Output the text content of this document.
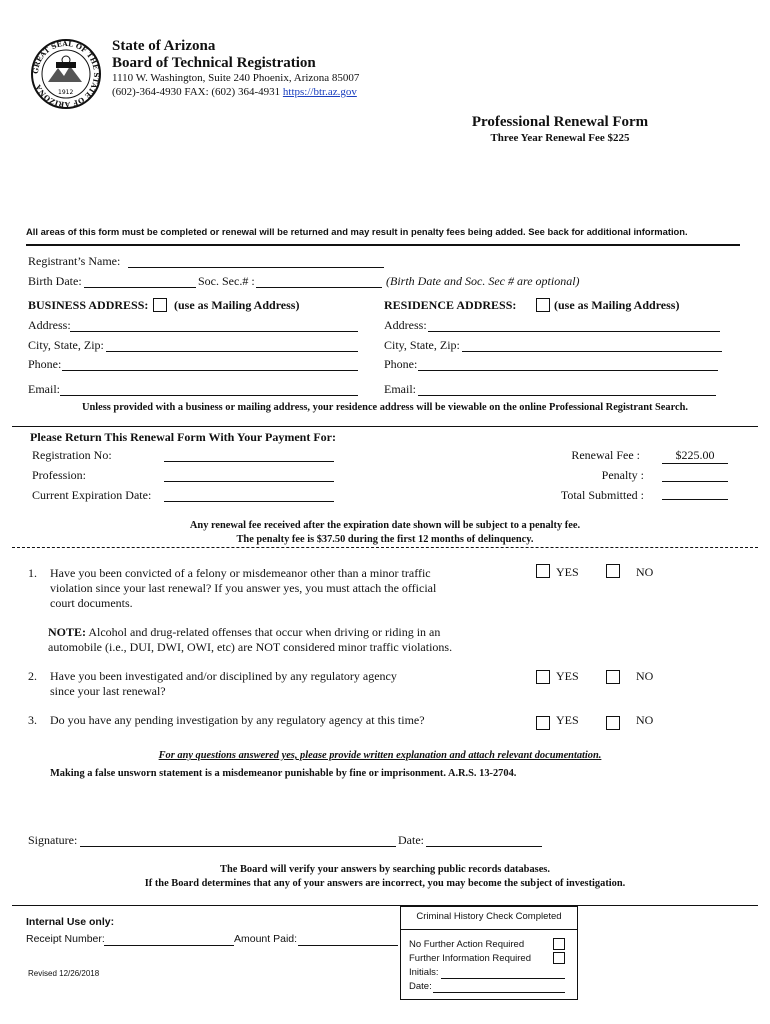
GREAT SEAL OF THE STATE OF ARIZONA
1912
State of Arizona
Board of Technical Registration
1110 W. Washington, Suite 240 Phoenix, Arizona 85007
(602)-364-4930 FAX: (602) 364-4931 https://btr.az.gov
Professional Renewal Form
Three Year Renewal Fee $225
All areas of this form must be completed or renewal will be returned and may result in penalty fees being added. See back for additional information.
Registrant’s Name:
Birth Date:	Soc. Sec.# :	(Birth Date and Soc. Sec # are optional)
BUSINESS ADDRESS: (use as Mailing Address)
Address:
City, State, Zip:
Phone:
Email:
RESIDENCE ADDRESS:	(use as Mailing Address)
Address:
City, State, Zip:
Phone:
Email:
Unless provided with a business or mailing address, your residence address will be viewable on the online Professional Registrant Search.
Please Return This Renewal Form With Your Payment For:
Registration No:
Profession:
Current Expiration Date:
Renewal Fee :	$225.00
Penalty :
Total Submitted :
Any renewal fee received after the expiration date shown will be subject to a penalty fee.
The penalty fee is $37.50 during the first 12 months of delinquency.
1. Have you been convicted of a felony or misdemeanor other than a minor traffic
violation since your last renewal? If you answer yes, you must attach the official
court documents.
YES	NO
NOTE: Alcohol and drug-related offenses that occur when driving or riding in an
automobile (i.e., DUI, DWI, OWI, etc) are NOT considered minor traffic violations.
2. Have you been investigated and/or disciplined by any regulatory agency
since your last renewal?
YES	NO
3. Do you have any pending investigation by any regulatory agency at this time?	YES	NO
For any questions answered yes, please provide written explanation and attach relevant documentation.
Making a false unsworn statement is a misdemeanor punishable by fine or imprisonment. A.R.S. 13-2704.
Signature:	Date:
The Board will verify your answers by searching public records databases.
If the Board determines that any of your answers are incorrect, you may become the subject of investigation.
Internal Use only:
Receipt Number:	Amount Paid:
Revised 12/26/2018
Criminal History Check Completed
No Further Action Required
Further Information Required
Initials:
Date:
